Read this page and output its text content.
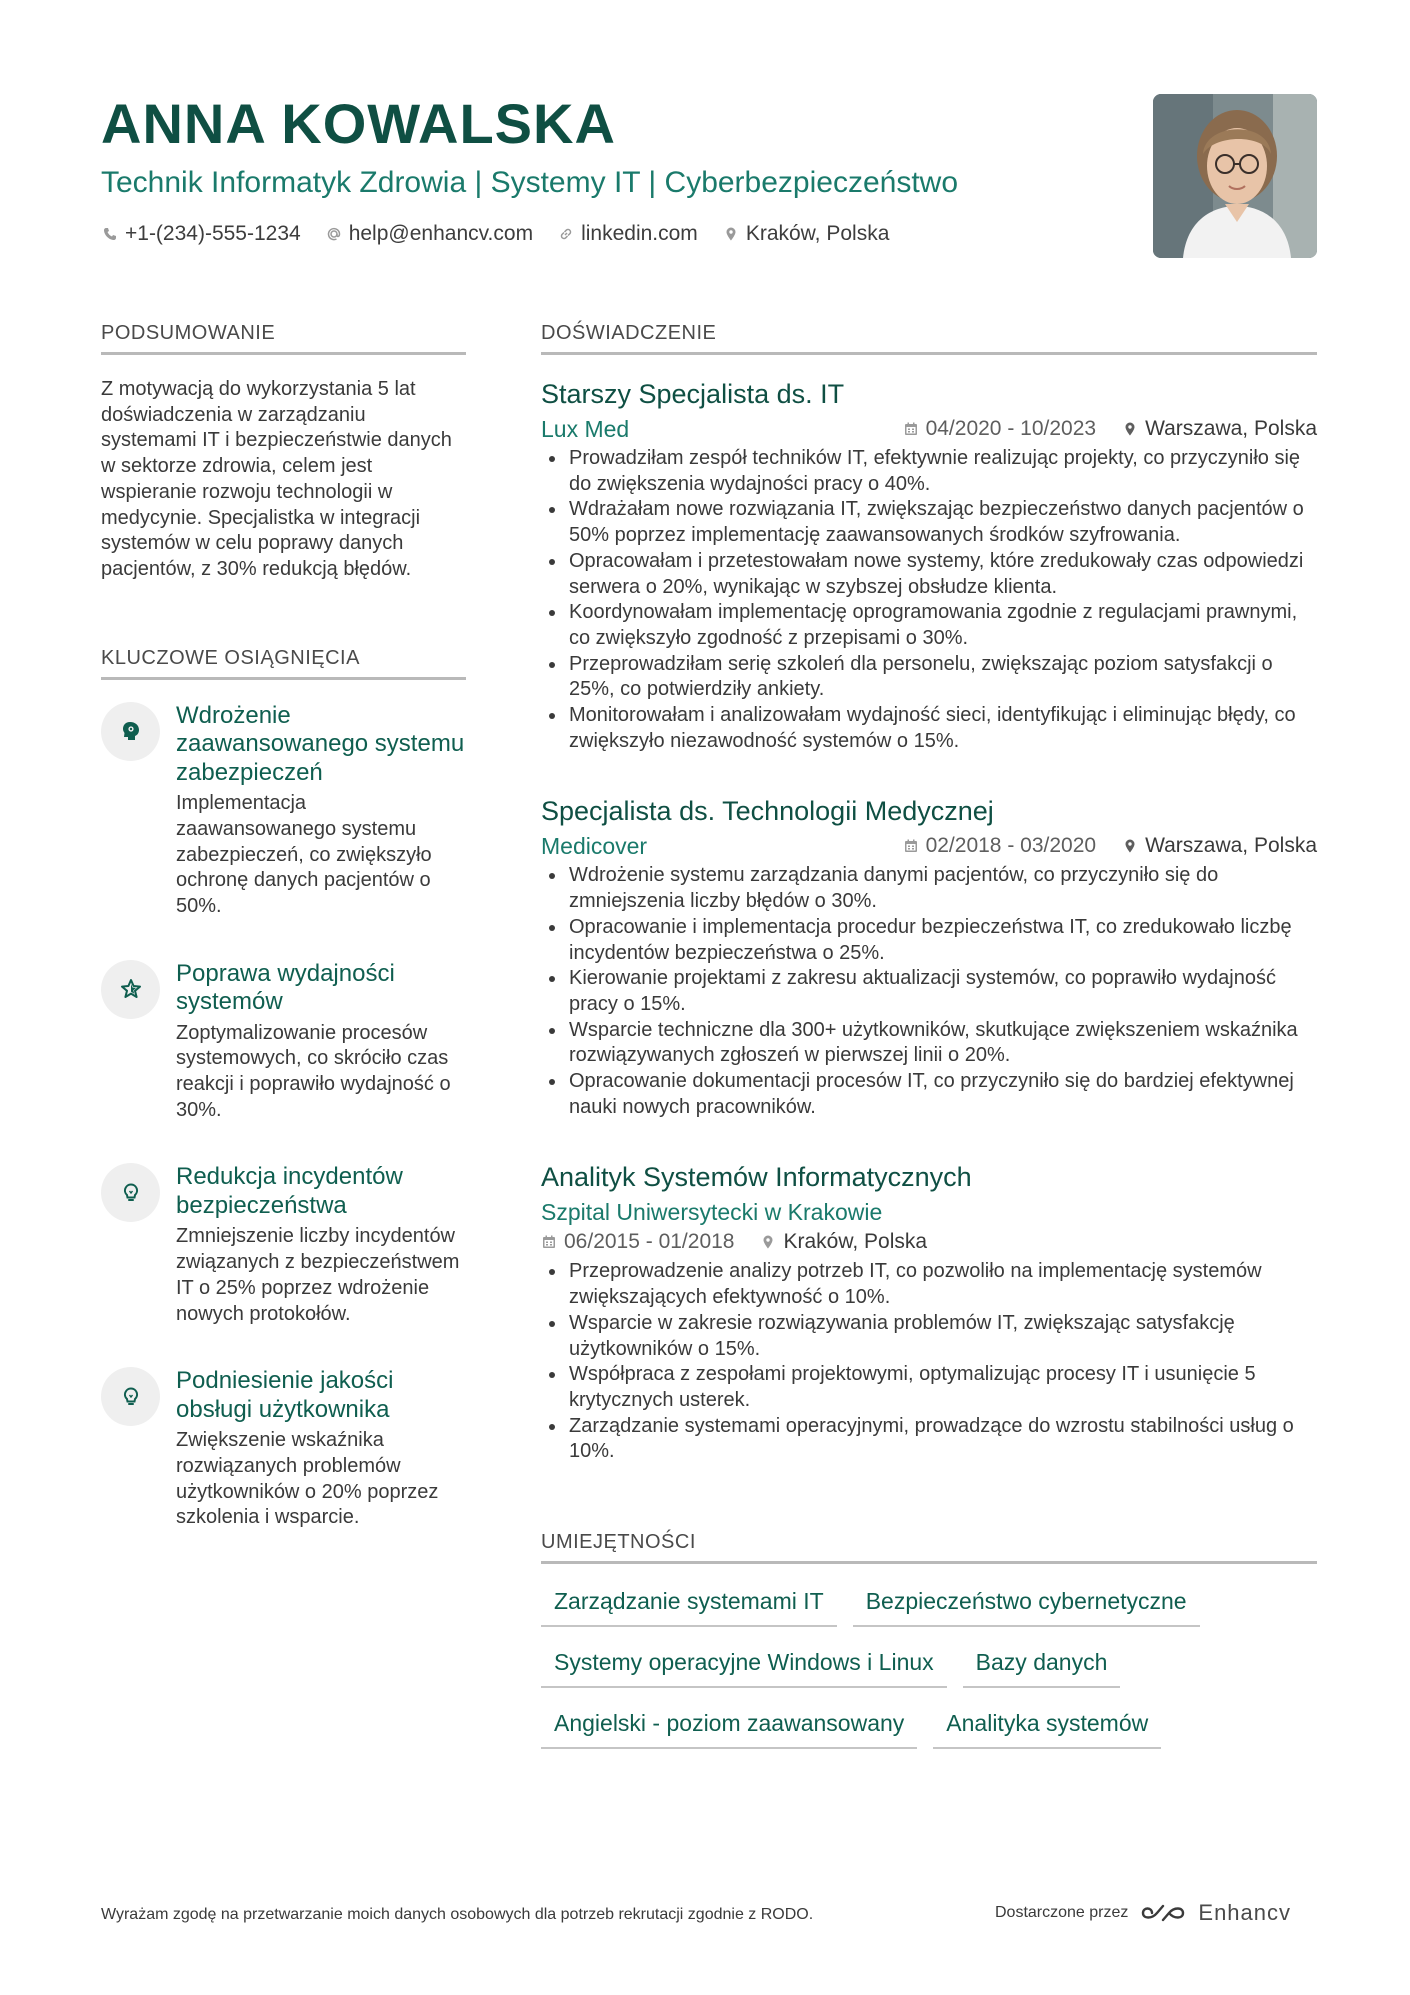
ANNA KOWALSKA
Technik Informatyk Zdrowia | Systemy IT | Cyberbezpieczeństwo
+1-(234)-555-1234 help@enhancv.com linkedin.com Kraków, Polska
PODSUMOWANIE
Z motywacją do wykorzystania 5 lat doświadczenia w zarządzaniu systemami IT i bezpieczeństwie danych w sektorze zdrowia, celem jest wspieranie rozwoju technologii w medycynie. Specjalistka w integracji systemów w celu poprawy danych pacjentów, z 30% redukcją błędów.
KLUCZOWE OSIĄGNIĘCIA
Wdrożenie zaawansowanego systemu zabezpieczeń
Implementacja zaawansowanego systemu zabezpieczeń, co zwiększyło ochronę danych pacjentów o 50%.
Poprawa wydajności systemów
Zoptymalizowanie procesów systemowych, co skróciło czas reakcji i poprawiło wydajność o 30%.
Redukcja incydentów bezpieczeństwa
Zmniejszenie liczby incydentów związanych z bezpieczeństwem IT o 25% poprzez wdrożenie nowych protokołów.
Podniesienie jakości obsługi użytkownika
Zwiększenie wskaźnika rozwiązanych problemów użytkowników o 20% poprzez szkolenia i wsparcie.
DOŚWIADCZENIE
Starszy Specjalista ds. IT
Lux Med	04/2020 - 10/2023 Warszawa, Polska
Prowadziłam zespół techników IT, efektywnie realizując projekty, co przyczyniło się do zwiększenia wydajności pracy o 40%.
Wdrażałam nowe rozwiązania IT, zwiększając bezpieczeństwo danych pacjentów o 50% poprzez implementację zaawansowanych środków szyfrowania.
Opracowałam i przetestowałam nowe systemy, które zredukowały czas odpowiedzi serwera o 20%, wynikając w szybszej obsłudze klienta.
Koordynowałam implementację oprogramowania zgodnie z regulacjami prawnymi, co zwiększyło zgodność z przepisami o 30%.
Przeprowadziłam serię szkoleń dla personelu, zwiększając poziom satysfakcji o 25%, co potwierdziły ankiety.
Monitorowałam i analizowałam wydajność sieci, identyfikując i eliminując błędy, co zwiększyło niezawodność systemów o 15%.
Specjalista ds. Technologii Medycznej
Medicover	02/2018 - 03/2020 Warszawa, Polska
Wdrożenie systemu zarządzania danymi pacjentów, co przyczyniło się do zmniejszenia liczby błędów o 30%.
Opracowanie i implementacja procedur bezpieczeństwa IT, co zredukowało liczbę incydentów bezpieczeństwa o 25%.
Kierowanie projektami z zakresu aktualizacji systemów, co poprawiło wydajność pracy o 15%.
Wsparcie techniczne dla 300+ użytkowników, skutkujące zwiększeniem wskaźnika rozwiązywanych zgłoszeń w pierwszej linii o 20%.
Opracowanie dokumentacji procesów IT, co przyczyniło się do bardziej efektywnej nauki nowych pracowników.
Analityk Systemów Informatycznych
Szpital Uniwersytecki w Krakowie
06/2015 - 01/2018 Kraków, Polska
Przeprowadzenie analizy potrzeb IT, co pozwoliło na implementację systemów zwiększających efektywność o 10%.
Wsparcie w zakresie rozwiązywania problemów IT, zwiększając satysfakcję użytkowników o 15%.
Współpraca z zespołami projektowymi, optymalizując procesy IT i usunięcie 5 krytycznych usterek.
Zarządzanie systemami operacyjnymi, prowadzące do wzrostu stabilności usług o 10%.
UMIEJĘTNOŚCI
Zarządzanie systemami IT	Bezpieczeństwo cybernetyczne
Systemy operacyjne Windows i Linux	Bazy danych
Angielski - poziom zaawansowany	Analityka systemów
Wyrażam zgodę na przetwarzanie moich danych osobowych dla potrzeb rekrutacji zgodnie z RODO.	Dostarczone przez	Enhancv
